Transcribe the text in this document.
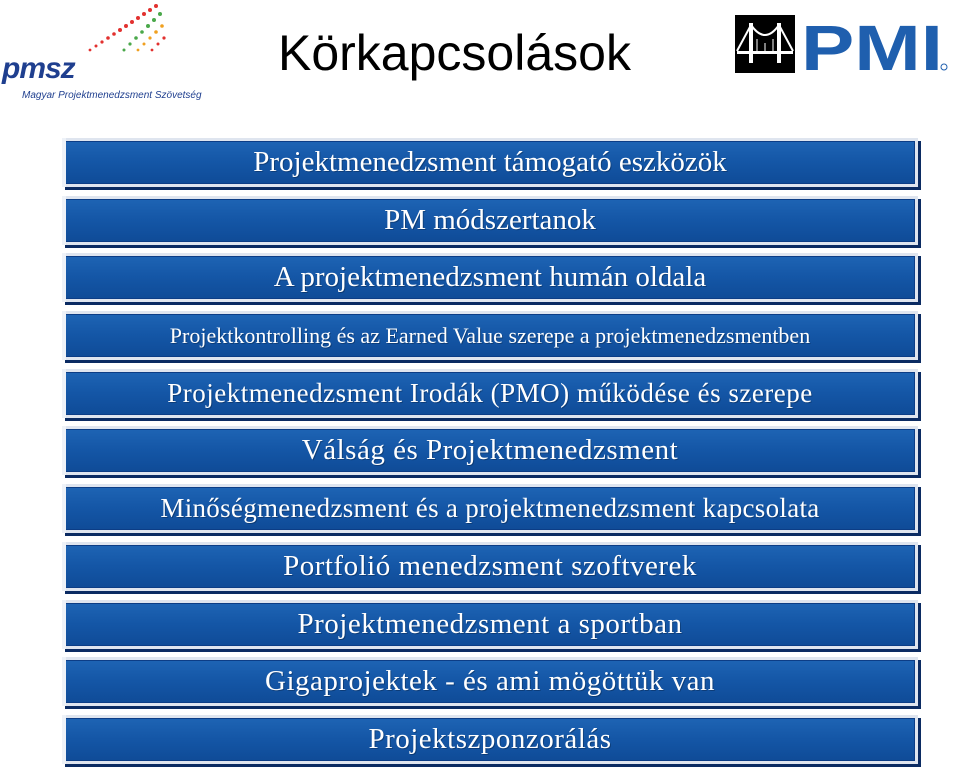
pmsz
Magyar Projektmenedzsment Szövetség
Körkapcsolások	PMI
Projektmenedzsment támogató eszközök
PM módszertanok
A projektmenedzsment humán oldala
Projektkontrolling és az Earned Value szerepe a projektmenedzsmentben
Projektmenedzsment Irodák (PMO) működése és szerepe
Válság és Projektmenedzsment
Minőségmenedzsment és a projektmenedzsment kapcsolata
Portfolió menedzsment szoftverek
Projektmenedzsment a sportban
Gigaprojektek - és ami mögöttük van
Projektszponzorálás
